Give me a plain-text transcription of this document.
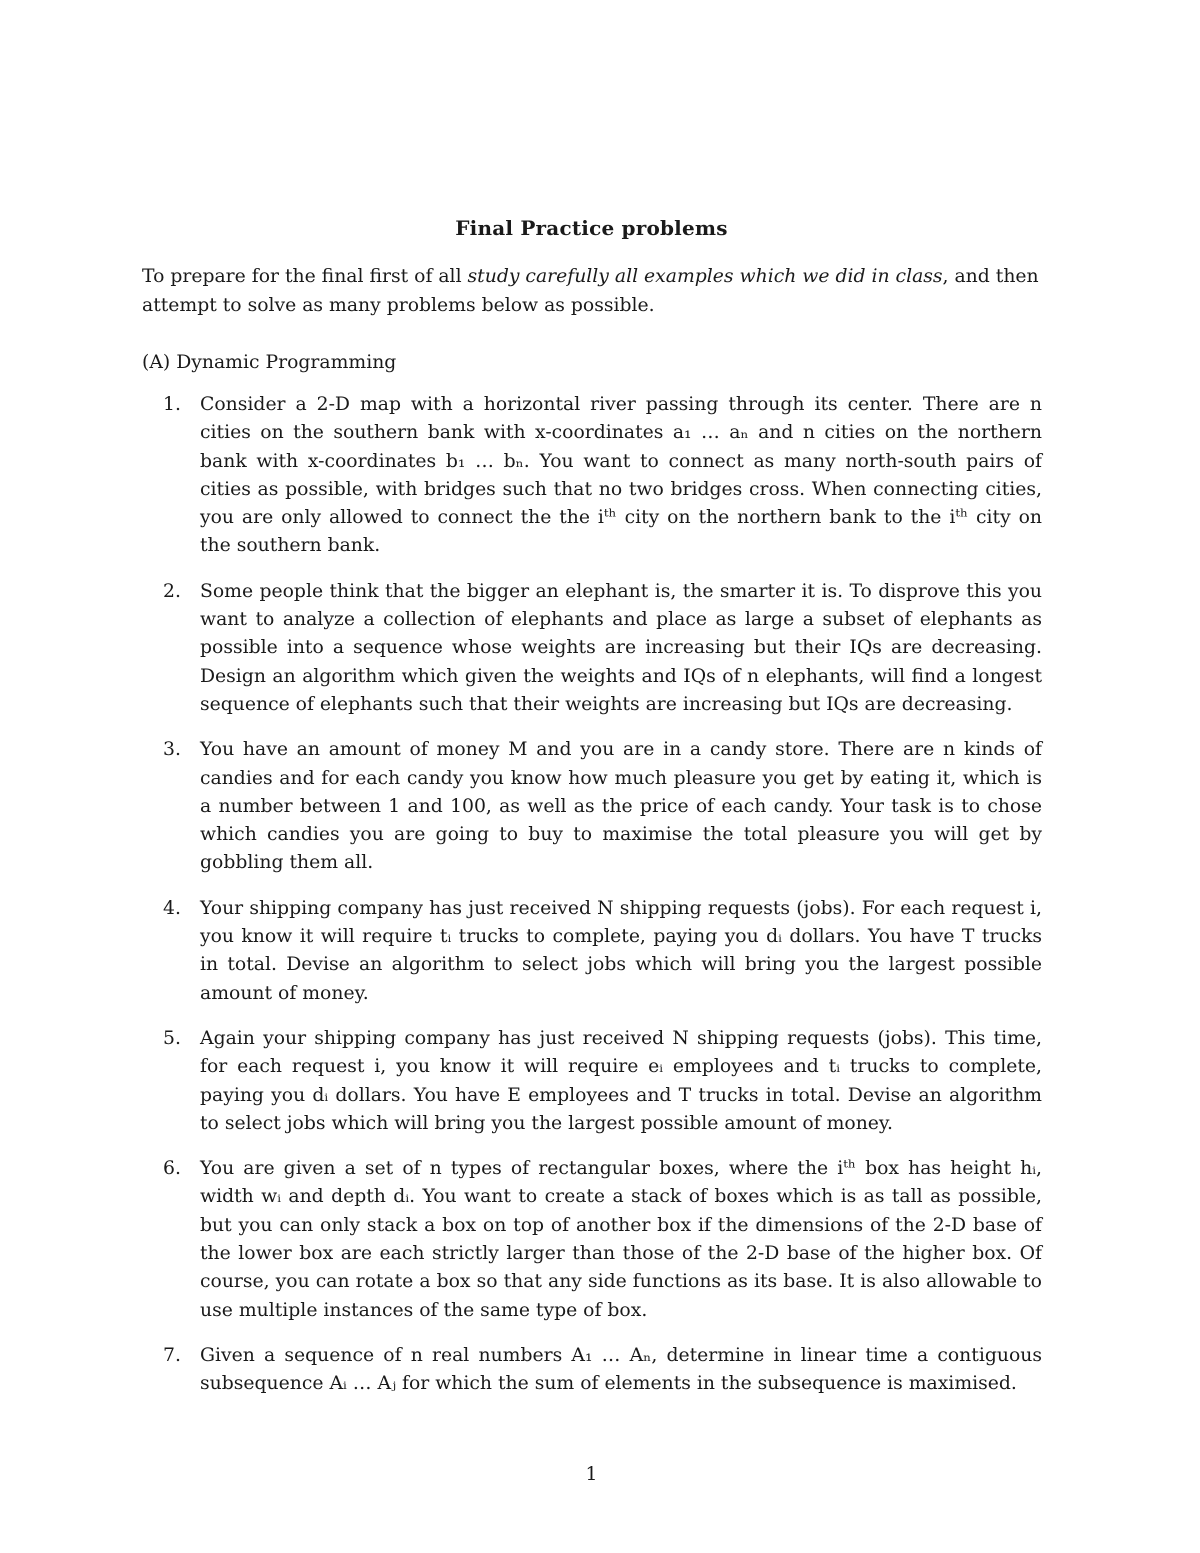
Final Practice problems
To prepare for the final first of all study carefully all examples which we did in class, and then attempt to solve as many problems below as possible.
(A) Dynamic Programming
1. Consider a 2-D map with a horizontal river passing through its center. There are n cities on the southern bank with x-coordinates a₁ … aₙ and n cities on the northern bank with x-coordinates b₁ … bₙ. You want to connect as many north-south pairs of cities as possible, with bridges such that no two bridges cross. When connecting cities, you are only allowed to connect the the iᵗʰ city on the northern bank to the iᵗʰ city on the southern bank.
2. Some people think that the bigger an elephant is, the smarter it is. To disprove this you want to analyze a collection of elephants and place as large a subset of elephants as possible into a sequence whose weights are increasing but their IQs are decreasing. Design an algorithm which given the weights and IQs of n elephants, will find a longest sequence of elephants such that their weights are increasing but IQs are decreasing.
3. You have an amount of money M and you are in a candy store. There are n kinds of candies and for each candy you know how much pleasure you get by eating it, which is a number between 1 and 100, as well as the price of each candy. Your task is to chose which candies you are going to buy to maximise the total pleasure you will get by gobbling them all.
4. Your shipping company has just received N shipping requests (jobs). For each request i, you know it will require tᵢ trucks to complete, paying you dᵢ dollars. You have T trucks in total. Devise an algorithm to select jobs which will bring you the largest possible amount of money.
5. Again your shipping company has just received N shipping requests (jobs). This time, for each request i, you know it will require eᵢ employees and tᵢ trucks to complete, paying you dᵢ dollars. You have E employees and T trucks in total. Devise an algorithm to select jobs which will bring you the largest possible amount of money.
6. You are given a set of n types of rectangular boxes, where the iᵗʰ box has height hᵢ, width wᵢ and depth dᵢ. You want to create a stack of boxes which is as tall as possible, but you can only stack a box on top of another box if the dimensions of the 2-D base of the lower box are each strictly larger than those of the 2-D base of the higher box. Of course, you can rotate a box so that any side functions as its base. It is also allowable to use multiple instances of the same type of box.
7. Given a sequence of n real numbers A₁ … Aₙ, determine in linear time a contiguous subsequence Aᵢ … Aⱼ for which the sum of elements in the subsequence is maximised.
1
